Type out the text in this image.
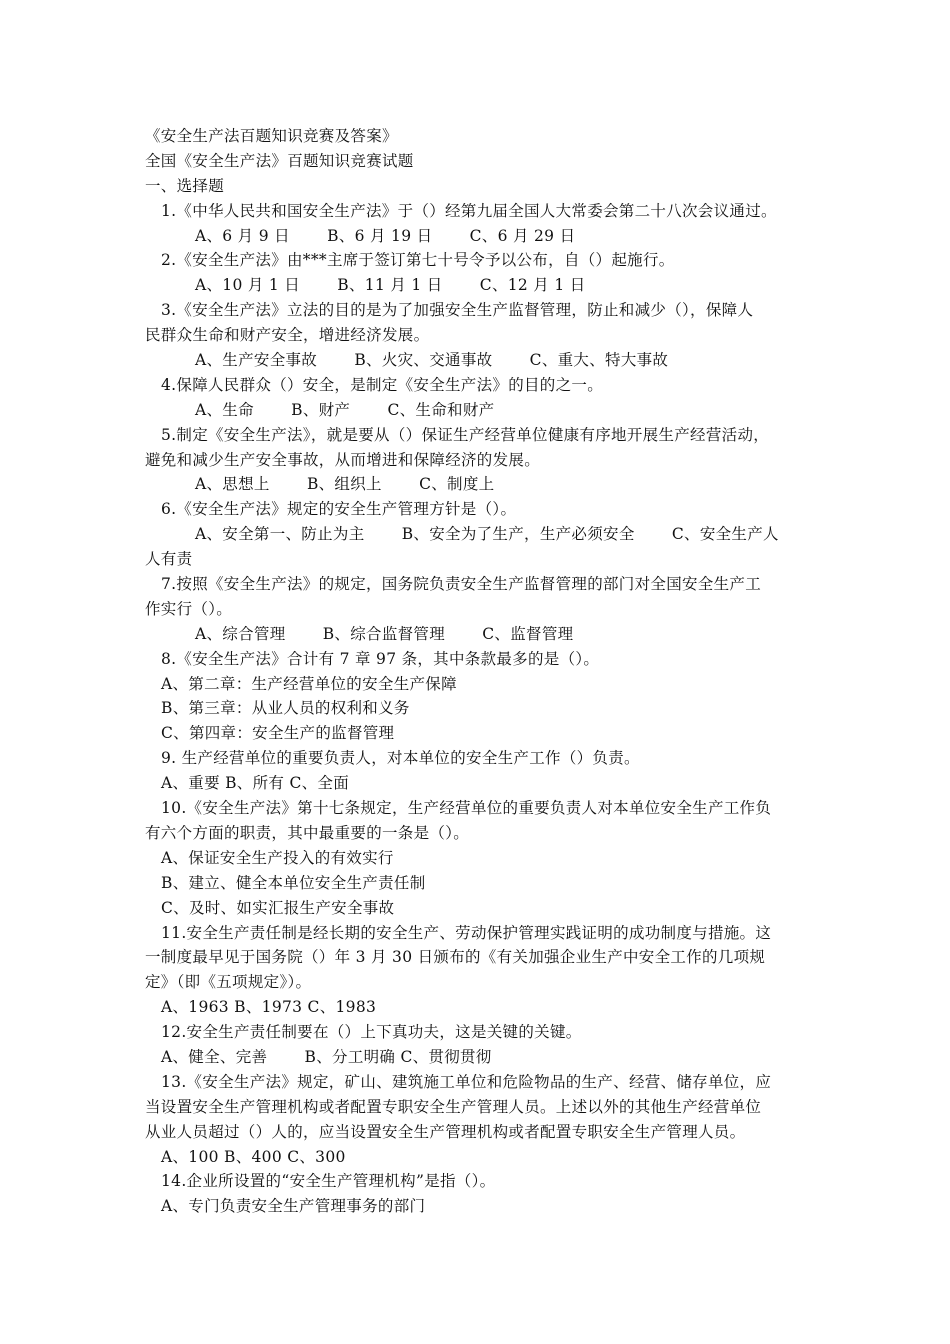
《安全生产法百题知识竞赛及答案》
全国《安全生产法》百题知识竞赛试题
一、选择题
1.《中华人民共和国安全生产法》于（）经第九届全国人大常委会第二十八次会议通过。
A、6 月 9 日 B、6 月 19 日 C、6 月 29 日
2.《安全生产法》由***主席于签订第七十号令予以公布，自（）起施行。
A、10 月 1 日 B、11 月 1 日 C、12 月 1 日
3.《安全生产法》立法的目的是为了加强安全生产监督管理，防止和减少（），保障人
民群众生命和财产安全，增进经济发展。
A、生产安全事故 B、火灾、交通事故 C、重大、特大事故
4.保障人民群众（）安全，是制定《安全生产法》的目的之一。
A、生命 B、财产 C、生命和财产
5.制定《安全生产法》，就是要从（）保证生产经营单位健康有序地开展生产经营活动，
避免和减少生产安全事故，从而增进和保障经济的发展。
A、思想上 B、组织上 C、制度上
6.《安全生产法》规定的安全生产管理方针是（）。
A、安全第一、防止为主 B、安全为了生产，生产必须安全 C、安全生产人
人有责
7.按照《安全生产法》的规定，国务院负责安全生产监督管理的部门对全国安全生产工
作实行（）。
A、综合管理 B、综合监督管理 C、监督管理
8.《安全生产法》合计有 7 章 97 条，其中条款最多的是（）。
A、第二章：生产经营单位的安全生产保障
B、第三章：从业人员的权利和义务
C、第四章：安全生产的监督管理
9. 生产经营单位的重要负责人，对本单位的安全生产工作（）负责。
A、重要 B、所有 C、全面
10.《安全生产法》第十七条规定，生产经营单位的重要负责人对本单位安全生产工作负
有六个方面的职责，其中最重要的一条是（）。
A、保证安全生产投入的有效实行
B、建立、健全本单位安全生产责任制
C、及时、如实汇报生产安全事故
11.安全生产责任制是经长期的安全生产、劳动保护管理实践证明的成功制度与措施。这
一制度最早见于国务院（）年 3 月 30 日颁布的《有关加强企业生产中安全工作的几项规
定》（即《五项规定》）。
A、1963 B、1973 C、1983
12.安全生产责任制要在（）上下真功夫，这是关键的关键。
A、健全、完善 B、分工明确 C、贯彻贯彻
13.《安全生产法》规定，矿山、建筑施工单位和危险物品的生产、经营、储存单位，应
当设置安全生产管理机构或者配置专职安全生产管理人员。上述以外的其他生产经营单位
从业人员超过（）人的，应当设置安全生产管理机构或者配置专职安全生产管理人员。
A、100 B、400 C、300
14.企业所设置的“安全生产管理机构”是指（）。
A、专门负责安全生产管理事务的部门
